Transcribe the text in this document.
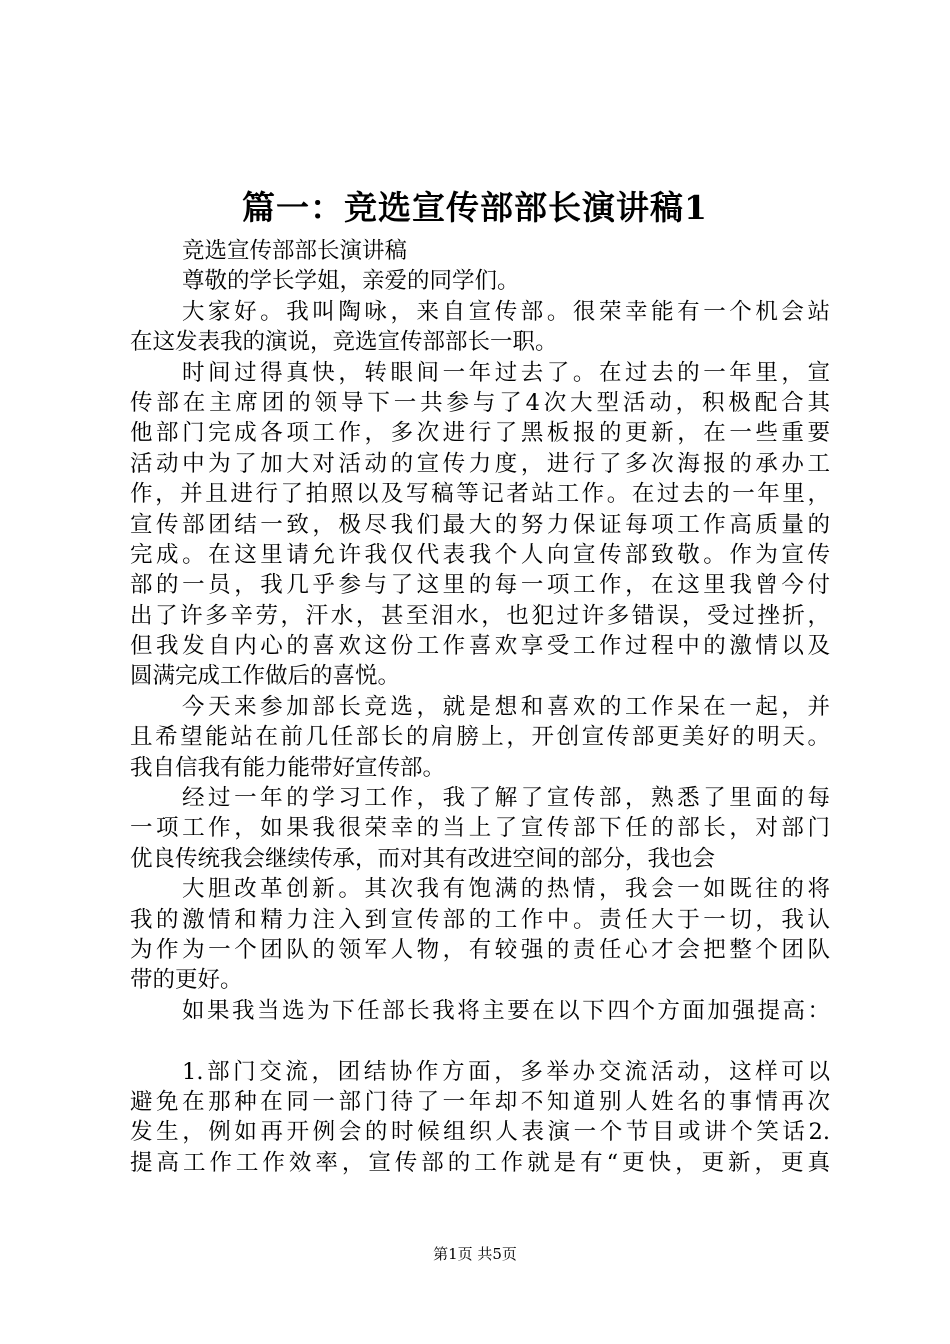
篇一：竞选宣传部部长演讲稿1
竞选宣传部部长演讲稿
尊敬的学长学姐，亲爱的同学们。
大家好。我叫陶咏，来自宣传部。很荣幸能有一个机会站
在这发表我的演说，竞选宣传部部长一职。
时间过得真快，转眼间一年过去了。在过去的一年里，宣
传部在主席团的领导下一共参与了4次大型活动，积极配合其
他部门完成各项工作，多次进行了黑板报的更新，在一些重要
活动中为了加大对活动的宣传力度，进行了多次海报的承办工
作，并且进行了拍照以及写稿等记者站工作。在过去的一年里，
宣传部团结一致，极尽我们最大的努力保证每项工作高质量的
完成。在这里请允许我仅代表我个人向宣传部致敬。作为宣传
部的一员，我几乎参与了这里的每一项工作，在这里我曾今付
出了许多辛劳，汗水，甚至泪水，也犯过许多错误，受过挫折，
但我发自内心的喜欢这份工作喜欢享受工作过程中的激情以及
圆满完成工作做后的喜悦。
今天来参加部长竞选，就是想和喜欢的工作呆在一起，并
且希望能站在前几任部长的肩膀上，开创宣传部更美好的明天。
我自信我有能力能带好宣传部。
经过一年的学习工作，我了解了宣传部，熟悉了里面的每
一项工作，如果我很荣幸的当上了宣传部下任的部长，对部门
优良传统我会继续传承，而对其有改进空间的部分，我也会
大胆改革创新。其次我有饱满的热情，我会一如既往的将
我的激情和精力注入到宣传部的工作中。责任大于一切，我认
为作为一个团队的领军人物，有较强的责任心才会把整个团队
带的更好。
如果我当选为下任部长我将主要在以下四个方面加强提高：
1.部门交流，团结协作方面，多举办交流活动，这样可以
避免在那种在同一部门待了一年却不知道别人姓名的事情再次
发生，例如再开例会的时候组织人表演一个节目或讲个笑话2.
提高工作工作效率，宣传部的工作就是有“更快，更新，更真
第1页 共5页
